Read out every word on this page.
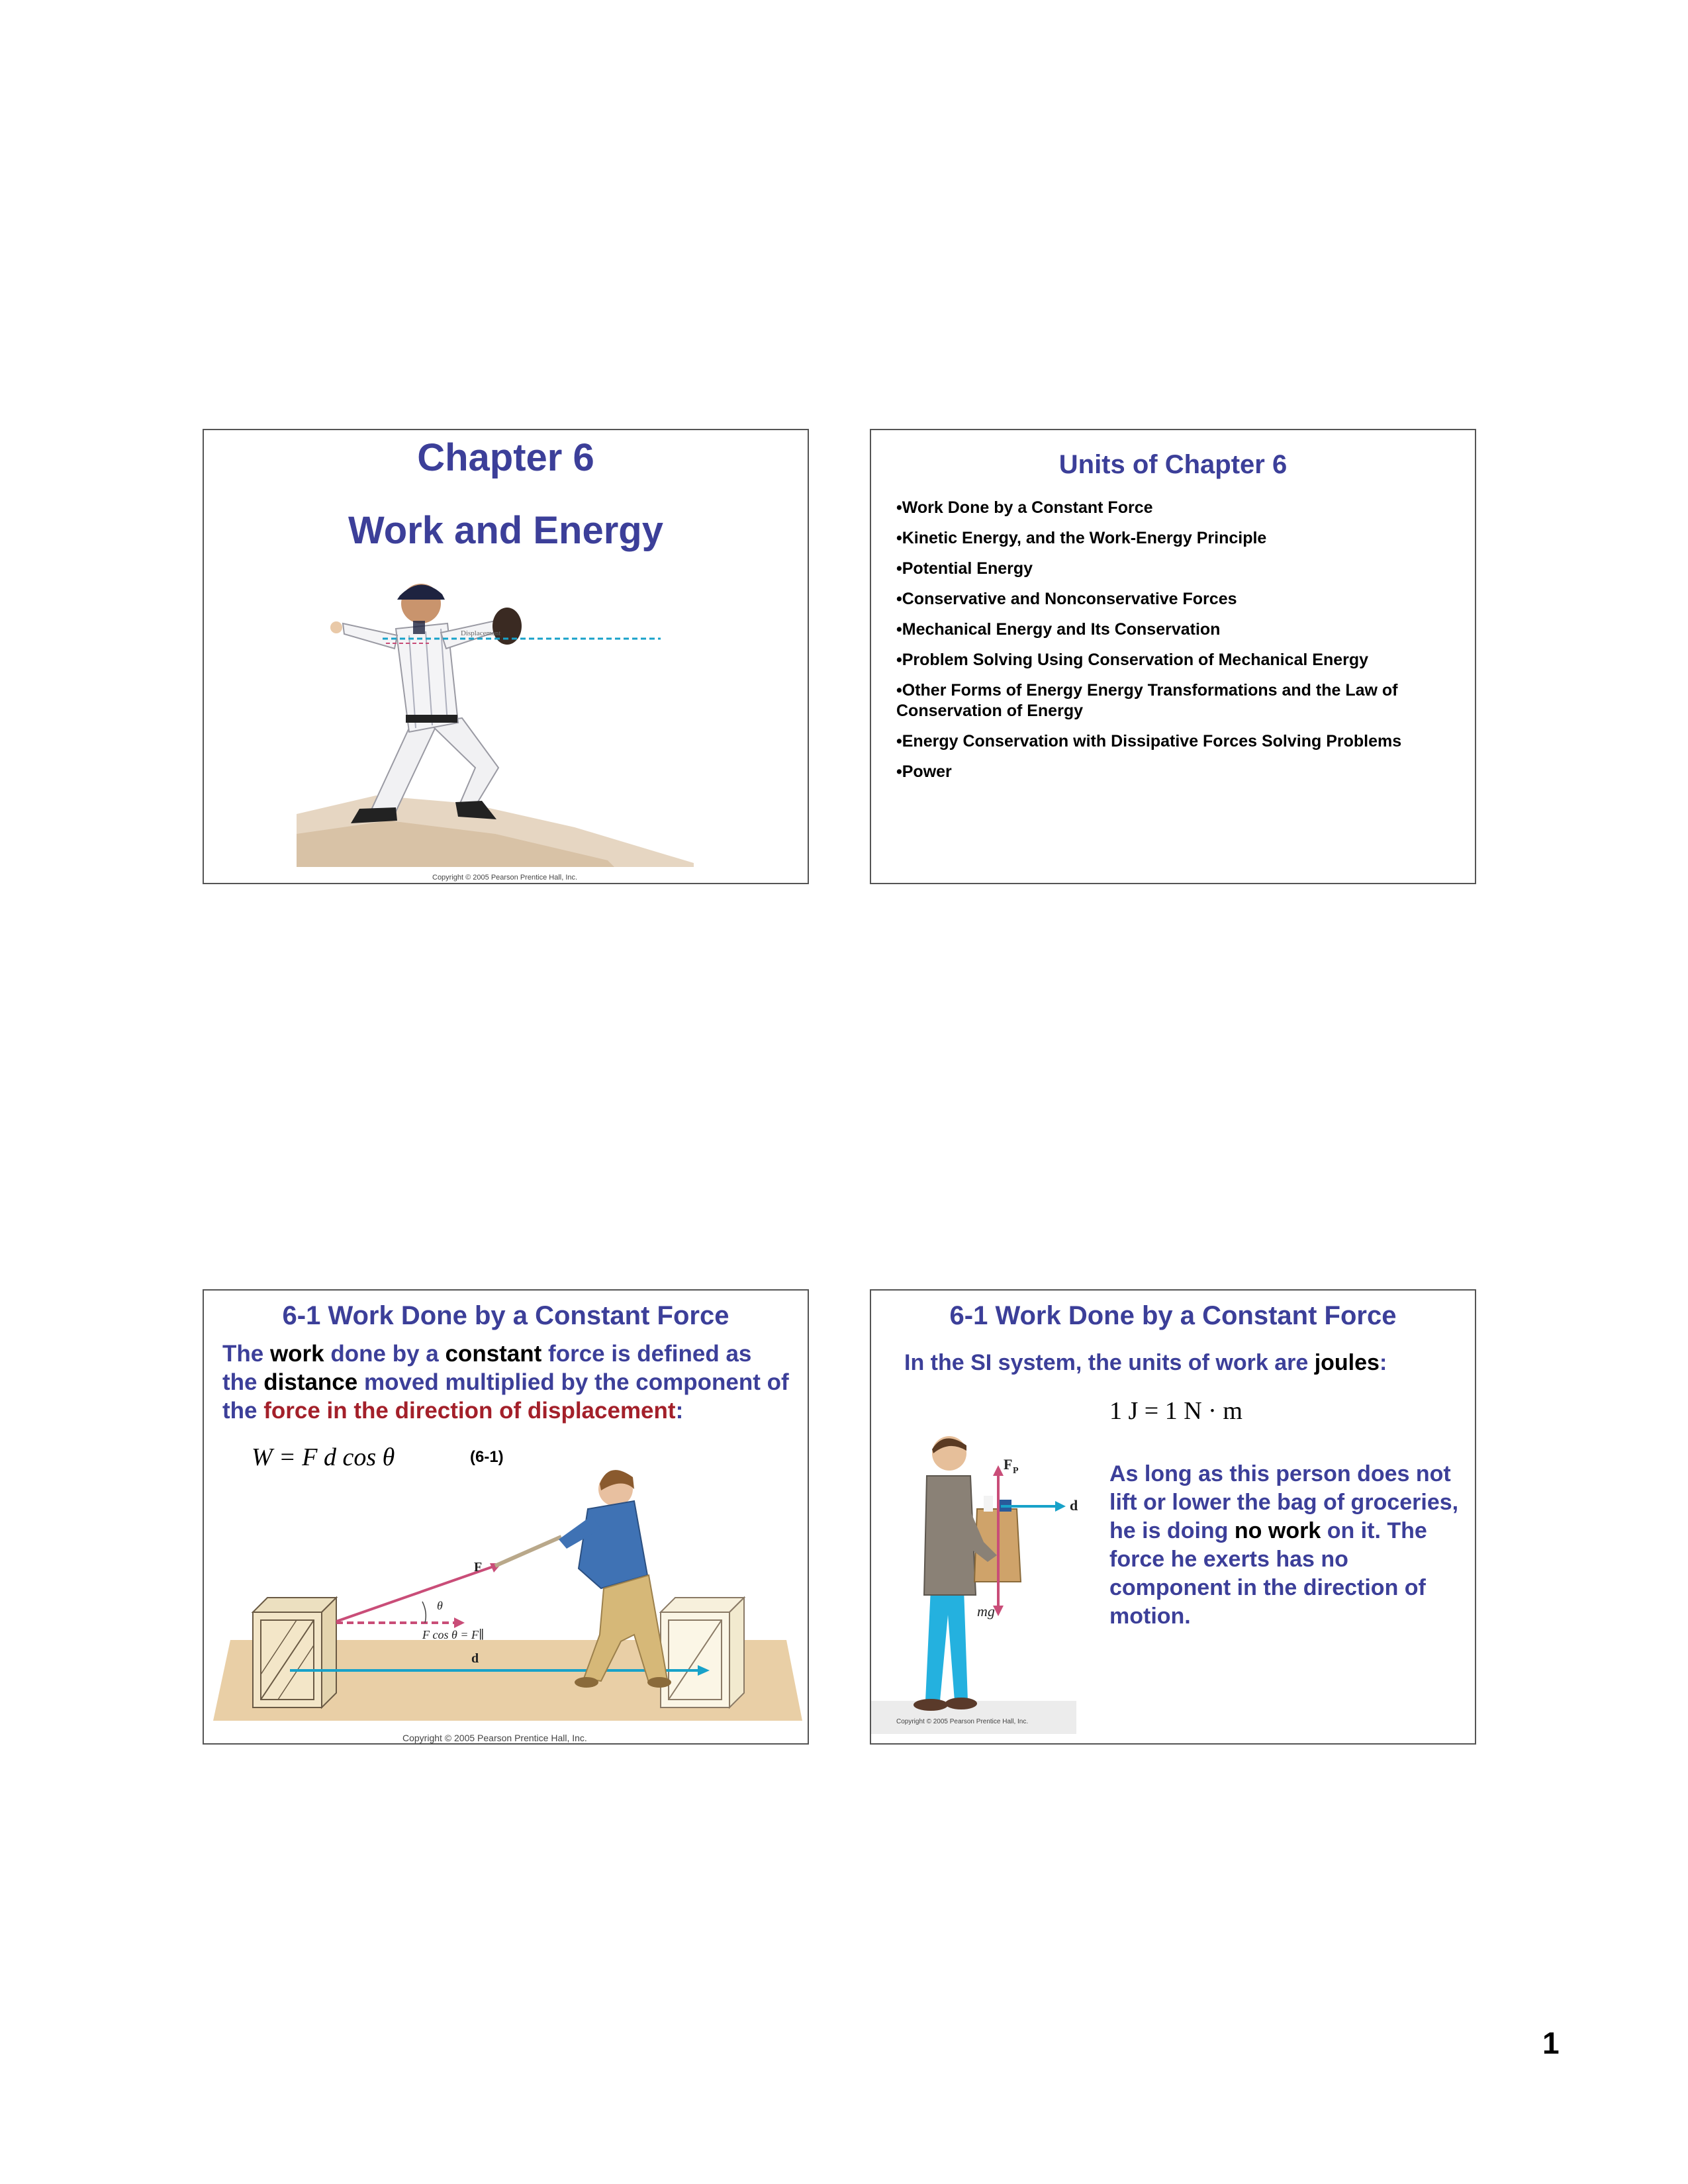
Chapter 6
Work and Energy
Displacement
Copyright © 2005 Pearson Prentice Hall, Inc.
Units of Chapter 6
•Work Done by a Constant Force
•Kinetic Energy, and the Work-Energy Principle
•Potential Energy
•Conservative and Nonconservative Forces
•Mechanical Energy and Its Conservation
•Problem Solving Using Conservation of Mechanical Energy
•Other Forms of Energy Energy Transformations and the Law of Conservation of Energy
•Energy Conservation with Dissipative Forces Solving Problems
•Power
6-1 Work Done by a Constant Force
The work done by a constant force is defined as the distance moved multiplied by the component of the force in the direction of displacement:
W = F d cos θ	(6-1)
F
θ
F cos θ = F∥
d
Copyright © 2005 Pearson Prentice Hall, Inc.
6-1 Work Done by a Constant Force
In the SI system, the units of work are joules:
1 J = 1 N · m
As long as this person does not lift or lower the bag of groceries, he is doing no work on it. The force he exerts has no component in the direction of motion.
F P
d
mg
Copyright © 2005 Pearson Prentice Hall, Inc.
1
